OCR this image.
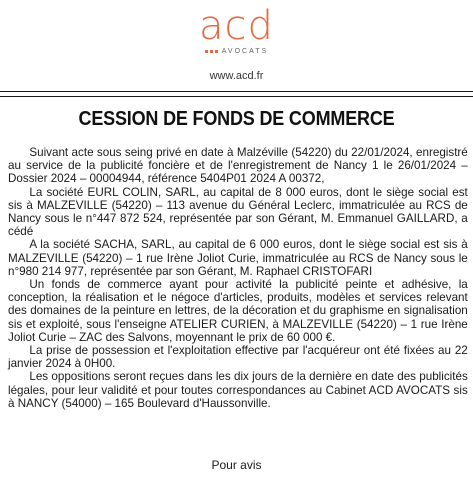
acd
AVOCATS
www.acd.fr
CESSION DE FONDS DE COMMERCE

Suivant acte sous seing privé en date à Malzéville (54220) du 22/01/2024, enregistré au service de la publicité foncière et de l'enregistrement de Nancy 1 le 26/01/2024 – Dossier 2024 – 00004944, référence 5404P01 2024 A 00372,

La société EURL COLIN, SARL, au capital de 8 000 euros, dont le siège social est sis à MALZEVILLE (54220) – 113 avenue du Général Leclerc, immatriculée au RCS de Nancy sous le n°447 872 524, représentée par son Gérant, M. Emmanuel GAILLARD, a cédé

A la société SACHA, SARL, au capital de 6 000 euros, dont le siège social est sis à MALZEVILLE (54220) – 1 rue Irène Joliot Curie, immatriculée au RCS de Nancy sous le n°980 214 977, représentée par son Gérant, M. Raphael CRISTOFARI

Un fonds de commerce ayant pour activité la publicité peinte et adhésive, la conception, la réalisation et le négoce d'articles, produits, modèles et services relevant des domaines de la peinture en lettres, de la décoration et du graphisme en signalisation sis et exploité, sous l'enseigne ATELIER CURIEN, à MALZEVILLE (54220) – 1 rue Irène Joliot Curie – ZAC des Salvons, moyennant le prix de 60 000 €.

La prise de possession et l'exploitation effective par l'acquéreur ont été fixées au 22 janvier 2024 à 0H00.

Les oppositions seront reçues dans les dix jours de la dernière en date des publicités légales, pour leur validité et pour toutes correspondances au Cabinet ACD AVOCATS sis à NANCY (54000) – 165 Boulevard d'Haussonville.

Pour avis
